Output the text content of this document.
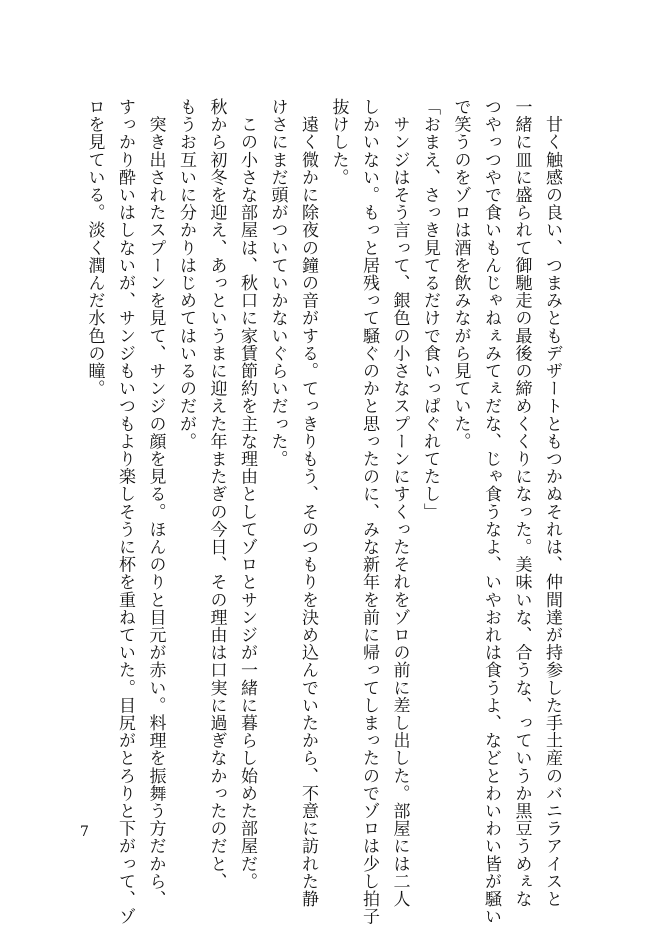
　甘く触感の良い、つまみともデザートともつかぬそれは、仲間達が持参した手土産のバニラアイスと

一緒に皿に盛られて御馳走の最後の締めくくりになった。美味いな、合うな、っていうか黒豆うめぇな

つやっつやで食いもんじゃねぇみてぇだな、じゃ食うなよ、いやおれは食うよ、などとわいわい皆が騒い

で笑うのをゾロは酒を飲みながら見ていた。

「おまえ、さっき見てるだけで食いっぱぐれてたし」

　サンジはそう言って、銀色の小さなスプーンにすくったそれをゾロの前に差し出した。部屋には二人

しかいない。もっと居残って騒ぐのかと思ったのに、みな新年を前に帰ってしまったのでゾロは少し拍子

抜けした。

　遠く微かに除夜の鐘の音がする。てっきりもう、そのつもりを決め込んでいたから、不意に訪れた静

けさにまだ頭がついていかないぐらいだった。

　この小さな部屋は、秋口に家賃節約を主な理由としてゾロとサンジが一緒に暮らし始めた部屋だ。

秋から初冬を迎え、あっというまに迎えた年またぎの今日、その理由は口実に過ぎなかったのだと、

もうお互いに分かりはじめてはいるのだが。

　突き出されたスプーンを見て、サンジの顔を見る。ほんのりと目元が赤い。料理を振舞う方だから、

すっかり酔いはしないが、サンジもいつもより楽しそうに杯を重ねていた。目尻がとろりと下がって、ゾ

ロを見ている。淡く潤んだ水色の瞳。

7
